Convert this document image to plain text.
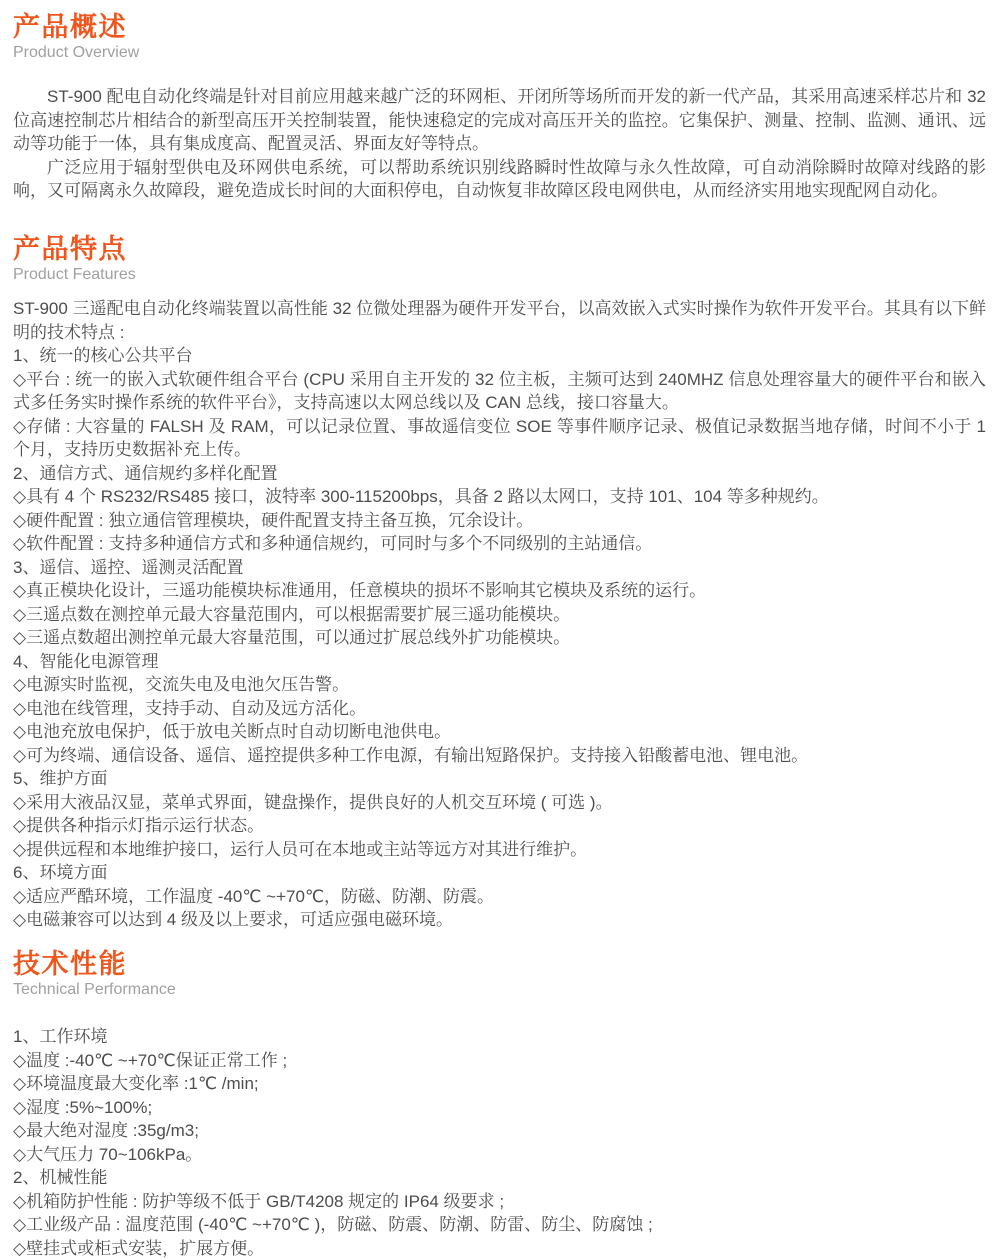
产品概述
Product Overview

ST-900 配电自动化终端是针对目前应用越来越广泛的环网柜、开闭所等场所而开发的新一代产品，其采用高速采样芯片和 32 位高速控制芯片相结合的新型高压开关控制装置，能快速稳定的完成对高压开关的监控。它集保护、测量、控制、监测、通讯、远动等功能于一体，具有集成度高、配置灵活、界面友好等特点。

广泛应用于辐射型供电及环网供电系统，可以帮助系统识别线路瞬时性故障与永久性故障，可自动消除瞬时故障对线路的影响，又可隔离永久故障段，避免造成长时间的大面积停电，自动恢复非故障区段电网供电，从而经济实用地实现配网自动化。

产品特点
Product Features

ST-900 三遥配电自动化终端装置以高性能 32 位微处理器为硬件开发平台，以高效嵌入式实时操作为软件开发平台。其具有以下鲜明的技术特点 :

1、统一的核心公共平台

◇平台 : 统一的嵌入式软硬件组合平台 (CPU 采用自主开发的 32 位主板，主频可达到 240MHZ 信息处理容量大的硬件平台和嵌入式多任务实时操作系统的软件平台》，支持高速以太网总线以及 CAN 总线，接口容量大。

◇存储 : 大容量的 FALSH 及 RAM，可以记录位置、事故遥信变位 SOE 等事件顺序记录、极值记录数据当地存储，时间不小于 1 个月，支持历史数据补充上传。

2、通信方式、通信规约多样化配置

◇具有 4 个 RS232/RS485 接口，波特率 300-115200bps，具备 2 路以太网口，支持 101、104 等多种规约。

◇硬件配置 : 独立通信管理模块，硬件配置支持主备互换，冗余设计。

◇软件配置 : 支持多种通信方式和多种通信规约，可同时与多个不同级别的主站通信。

3、遥信、遥控、遥测灵活配置

◇真正模块化设计，三遥功能模块标准通用，任意模块的损坏不影响其它模块及系统的运行。

◇三遥点数在测控单元最大容量范围内，可以根据需要扩展三遥功能模块。

◇三遥点数超出测控单元最大容量范围，可以通过扩展总线外扩功能模块。

4、智能化电源管理

◇电源实时监视，交流失电及电池欠压告警。

◇电池在线管理，支持手动、自动及远方活化。

◇电池充放电保护，低于放电关断点时自动切断电池供电。

◇可为终端、通信设备、遥信、遥控提供多种工作电源，有输出短路保护。支持接入铅酸蓄电池、锂电池。

5、维护方面

◇采用大液品汉显，菜单式界面，键盘操作，提供良好的人机交互环境 ( 可选 )。

◇提供各种指示灯指示运行状态。

◇提供远程和本地维护接口，运行人员可在本地或主站等远方对其进行维护。

6、环境方面

◇适应严酷环境，工作温度 -40℃ ~+70℃，防磁、防潮、防震。

◇电磁兼容可以达到 4 级及以上要求，可适应强电磁环境。

技术性能
Technical Performance

1、工作环境

◇温度 :-40℃ ~+70℃保证正常工作 ;

◇环境温度最大变化率 :1℃ /min;

◇湿度 :5%~100%;

◇最大绝对湿度 :35g/m3;

◇大气压力 70~106kPa。

2、机械性能

◇机箱防护性能 : 防护等级不低于 GB/T4208 规定的 IP64 级要求 ;

◇工业级产品 : 温度范围 (-40℃ ~+70℃ )，防磁、防震、防潮、防雷、防尘、防腐蚀 ;

◇壁挂式或柜式安装，扩展方便。
